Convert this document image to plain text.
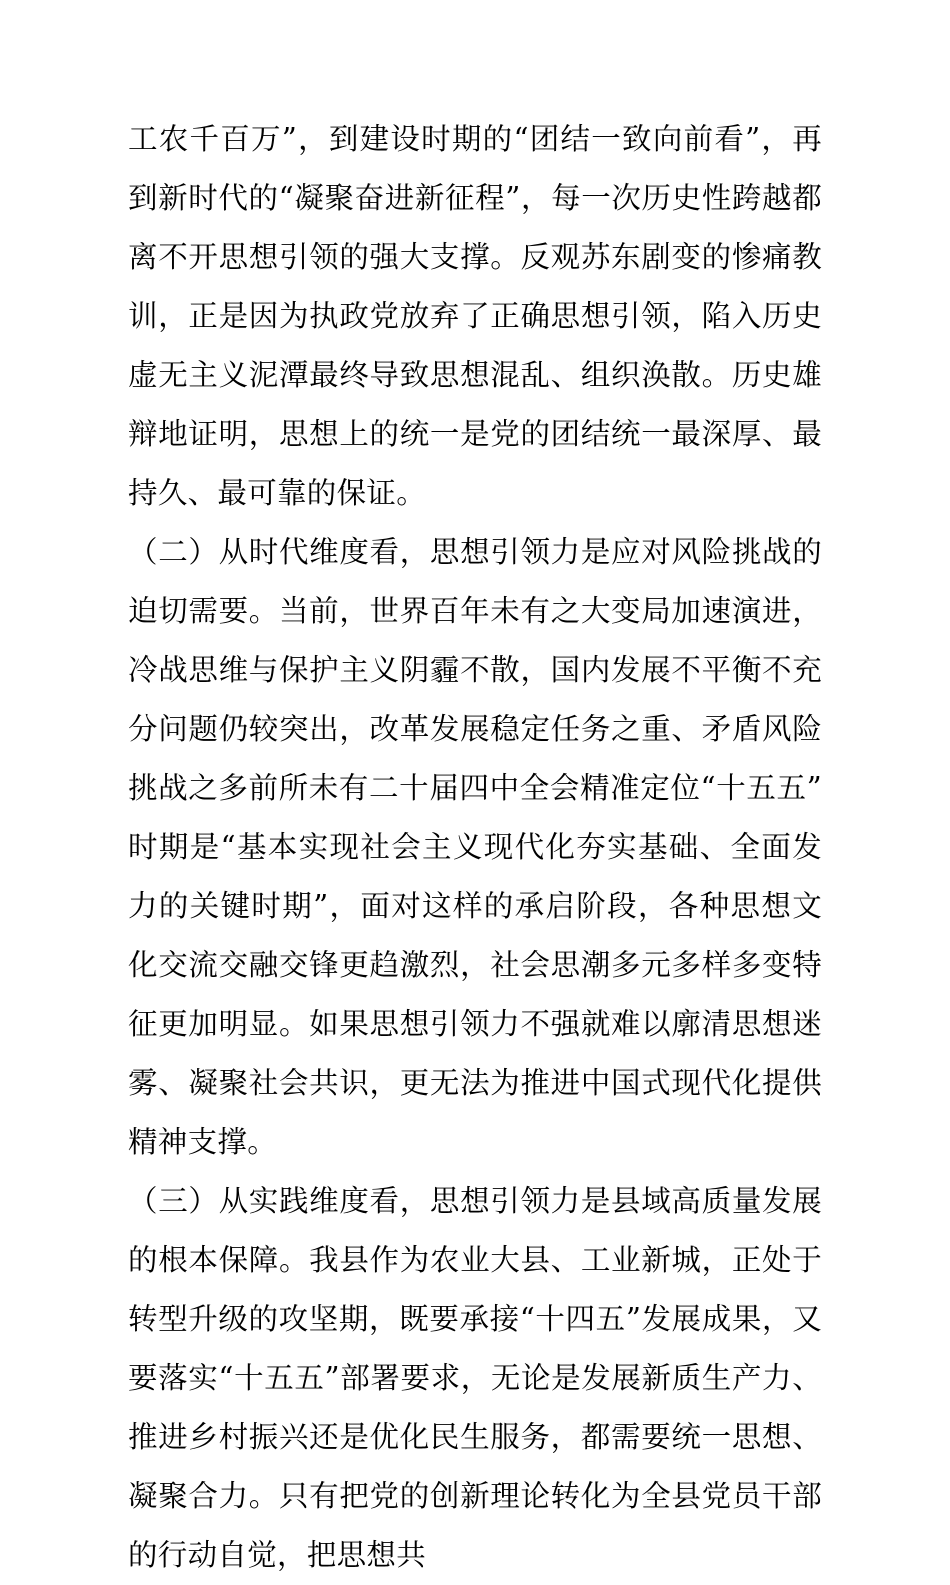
工农千百万”，到建设时期的“团结一致向前看”，再到新时代的“凝聚奋进新征程”，每一次历史性跨越都离不开思想引领的强大支撑。反观苏东剧变的惨痛教训，正是因为执政党放弃了正确思想引领，陷入历史虚无主义泥潭最终导致思想混乱、组织涣散。历史雄辩地证明，思想上的统一是党的团结统一最深厚、最持久、最可靠的保证。

（二）从时代维度看，思想引领力是应对风险挑战的迫切需要。当前，世界百年未有之大变局加速演进，冷战思维与保护主义阴霾不散，国内发展不平衡不充分问题仍较突出，改革发展稳定任务之重、矛盾风险挑战之多前所未有二十届四中全会精准定位“十五五”时期是“基本实现社会主义现代化夯实基础、全面发力的关键时期”，面对这样的承启阶段，各种思想文化交流交融交锋更趋激烈，社会思潮多元多样多变特征更加明显。如果思想引领力不强就难以廓清思想迷雾、凝聚社会共识，更无法为推进中国式现代化提供精神支撑。

（三）从实践维度看，思想引领力是县域高质量发展的根本保障。我县作为农业大县、工业新城，正处于转型升级的攻坚期，既要承接“十四五”发展成果，又要落实“十五五”部署要求，无论是发展新质生产力、推进乡村振兴还是优化民生服务，都需要统一思想、凝聚合力。只有把党的创新理论转化为全县党员干部的行动自觉，把思想共
